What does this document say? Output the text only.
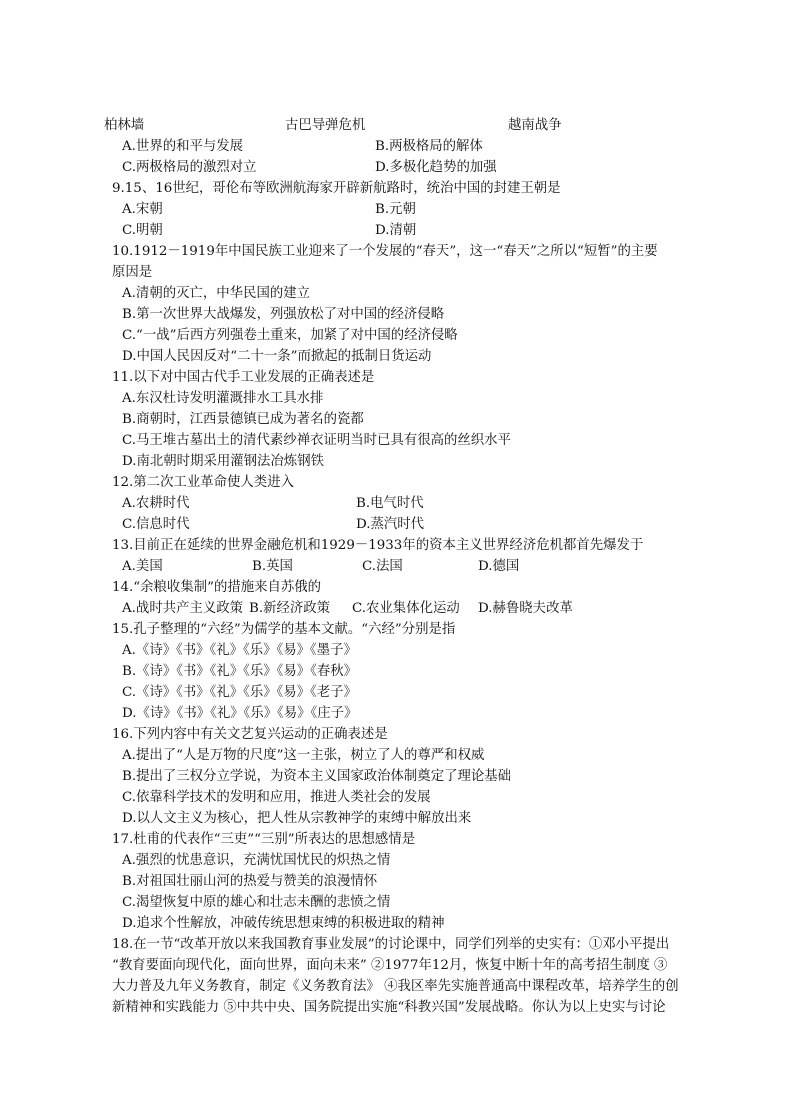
柏林墙	古巴导弹危机	越南战争
A.世界的和平与发展	B.两极格局的解体
C.两极格局的激烈对立	D.多极化趋势的加强
9.15、16世纪，哥伦布等欧洲航海家开辟新航路时，统治中国的封建王朝是
A.宋朝	B.元朝
C.明朝	D.清朝
10.1912－1919年中国民族工业迎来了一个发展的“春天”，这一“春天”之所以“短暂”的主要
原因是
A.清朝的灭亡，中华民国的建立
B.第一次世界大战爆发，列强放松了对中国的经济侵略
C.“一战”后西方列强卷土重来，加紧了对中国的经济侵略
D.中国人民因反对“二十一条”而掀起的抵制日货运动
11.以下对中国古代手工业发展的正确表述是
A.东汉杜诗发明灌溉排水工具水排
B.商朝时，江西景德镇已成为著名的瓷都
C.马王堆古墓出土的清代素纱禅衣证明当时已具有很高的丝织水平
D.南北朝时期采用灌钢法冶炼钢铁
12.第二次工业革命使人类进入
A.农耕时代	B.电气时代
C.信息时代	D.蒸汽时代
13.目前正在延续的世界金融危机和1929－1933年的资本主义世界经济危机都首先爆发于
A.美国	B.英国	C.法国	D.德国
14.“余粮收集制”的措施来自苏俄的
A.战时共产主义政策 B.新经济政策 C.农业集体化运动 D.赫鲁晓夫改革
15.孔子整理的“六经”为儒学的基本文献。“六经”分别是指
A.《诗》《书》《礼》《乐》《易》《墨子》
B.《诗》《书》《礼》《乐》《易》《春秋》
C.《诗》《书》《礼》《乐》《易》《老子》
D.《诗》《书》《礼》《乐》《易》《庄子》
16.下列内容中有关文艺复兴运动的正确表述是
A.提出了“人是万物的尺度”这一主张，树立了人的尊严和权威
B.提出了三权分立学说，为资本主义国家政治体制奠定了理论基础
C.依靠科学技术的发明和应用，推进人类社会的发展
D.以人文主义为核心，把人性从宗教神学的束缚中解放出来
17.杜甫的代表作“三吏”“三别”所表达的思想感情是
A.强烈的忧患意识，充满忧国忧民的炽热之情
B.对祖国壮丽山河的热爱与赞美的浪漫情怀
C.渴望恢复中原的雄心和壮志未酬的悲愤之情
D.追求个性解放，冲破传统思想束缚的积极进取的精神
18.在一节“改革开放以来我国教育事业发展”的讨论课中，同学们列举的史实有：①邓小平提出
“教育要面向现代化，面向世界，面向未来” ②1977年12月，恢复中断十年的高考招生制度 ③
大力普及九年义务教育，制定《义务教育法》 ④我区率先实施普通高中课程改革，培养学生的创
新精神和实践能力 ⑤中共中央、国务院提出实施“科教兴国”发展战略。你认为以上史实与讨论
